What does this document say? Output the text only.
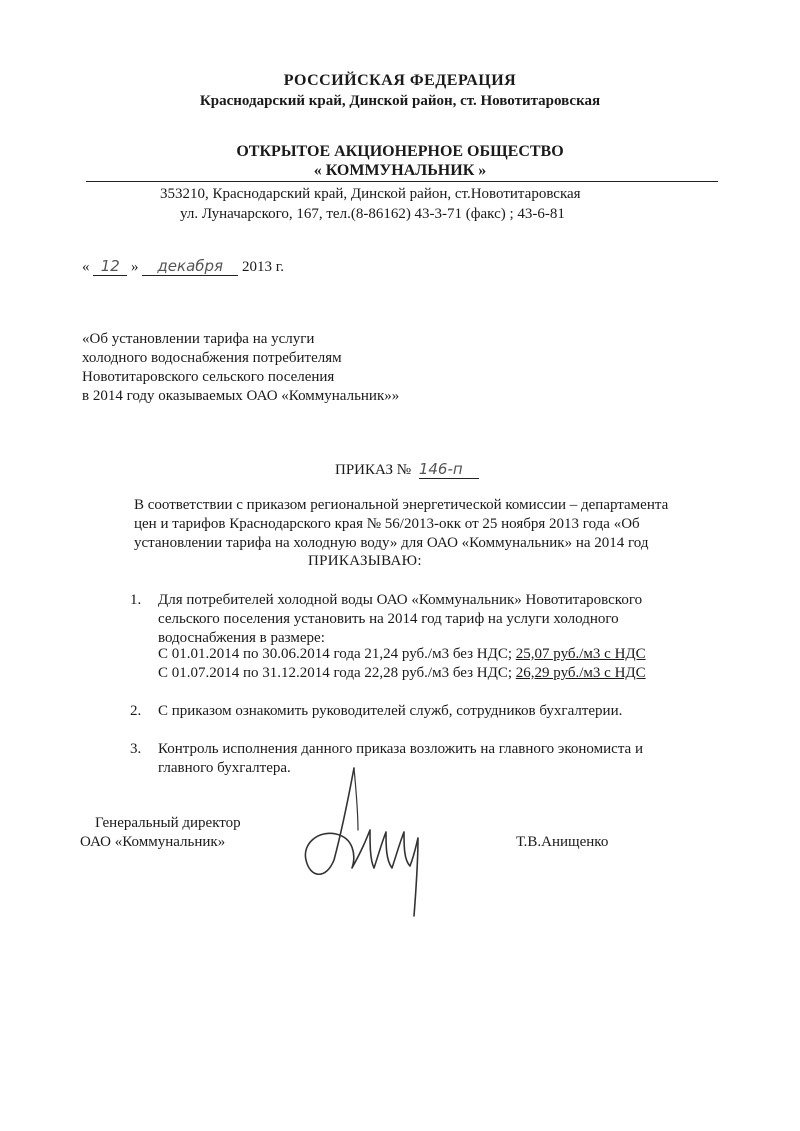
РОССИЙСКАЯ ФЕДЕРАЦИЯ
Краснодарский край, Динской район, ст. Новотитаровская
ОТКРЫТОЕ АКЦИОНЕРНОЕ ОБЩЕСТВО
« КОММУНАЛЬНИК »
353210, Краснодарский край, Динской район, ст.Новотитаровская
ул. Луначарского, 167, тел.(8-86162) 43-3-71 (факс) ; 43-6-81
« 12 » декабря 2013 г.
«Об установлении тарифа на услуги
холодного водоснабжения потребителям
Новотитаровского сельского поселения
в 2014 году оказываемых ОАО «Коммунальник»»
ПРИКАЗ № 146-п
В соответствии с приказом региональной энергетической комиссии – департамента
цен и тарифов Краснодарского края № 56/2013-окк от 25 ноября 2013 года «Об
установлении тарифа на холодную воду» для ОАО «Коммунальник» на 2014 год
ПРИКАЗЫВАЮ:
1. Для потребителей холодной воды ОАО «Коммунальник» Новотитаровского
сельского поселения установить на 2014 год тариф на услуги холодного
водоснабжения в размере:
С 01.01.2014 по 30.06.2014 года 21,24 руб./м3 без НДС; 25,07 руб./м3 с НДС
С 01.07.2014 по 31.12.2014 года 22,28 руб./м3 без НДС; 26,29 руб./м3 с НДС
2. С приказом ознакомить руководителей служб, сотрудников бухгалтерии.
3. Контроль исполнения данного приказа возложить на главного экономиста и
главного бухгалтера.
Генеральный директор
ОАО «Коммунальник»	Т.В.Анищенко
